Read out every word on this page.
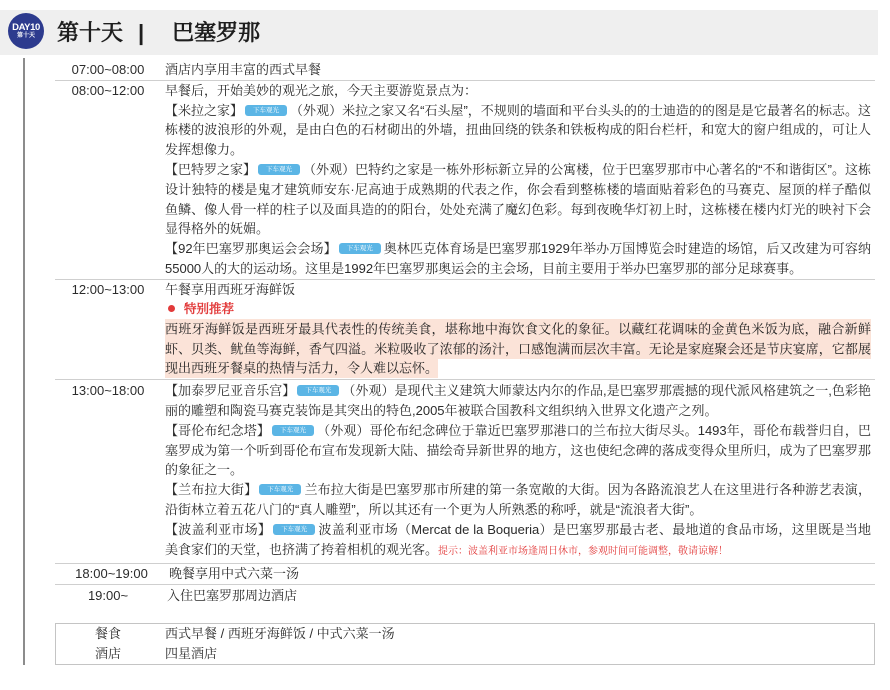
DAY10
第十天	第十天 | 巴塞罗那
07:00~08:00	酒店内享用丰富的西式早餐
08:00~12:00	早餐后，开始美妙的观光之旅，今天主要游览景点为：
【米拉之家】 下车观光 （外观）米拉之家又名“石头屋”，不规则的墙面和平台头头的的士迪造的的图是是它最著名的标志。这栋楼的波浪形的外观，是由白色的石材砌出的外墙，扭曲回绕的铁条和铁板构成的阳台栏杆，和宽大的窗户组成的，可让人发挥想像力。
【巴特罗之家】 下车观光 （外观）巴特约之家是一栋外形标新立异的公寓楼，位于巴塞罗那市中心著名的“不和谐街区”。这栋设计独特的楼是鬼才建筑师安东·尼高迪于成熟期的代表之作，你会看到整栋楼的墙面贴着彩色的马赛克、屋顶的样子酷似鱼鳞、像人骨一样的柱子以及面具造的的阳台，处处充满了魔幻色彩。每到夜晚华灯初上时，这栋楼在楼内灯光的映衬下会显得格外的妩媚。
【92年巴塞罗那奥运会会场】 下车观光 奥林匹克体育场是巴塞罗那1929年举办万国博览会时建造的场馆，后又改建为可容纳55000人的大的运动场。这里是1992年巴塞罗那奥运会的主会场，目前主要用于举办巴塞罗那的部分足球赛事。
12:00~13:00	午餐享用西班牙海鲜饭
特别推荐
西班牙海鲜饭是西班牙最具代表性的传统美食，堪称地中海饮食文化的象征。以藏红花调味的金黄色米饭为底，融合新鲜虾、贝类、鱿鱼等海鲜，香气四溢。米粒吸收了浓郁的汤汁，口感饱满而层次丰富。无论是家庭聚会还是节庆宴席，它都展现出西班牙餐桌的热情与活力，令人难以忘怀。
13:00~18:00	【加泰罗尼亚音乐宫】 下车观光 （外观）是现代主义建筑大师蒙达内尔的作品,是巴塞罗那震撼的现代派风格建筑之一,色彩艳丽的雕塑和陶瓷马赛克装饰是其突出的特色,2005年被联合国教科文组织纳入世界文化遗产之列。
【哥伦布纪念塔】 下车观光 （外观）哥伦布纪念碑位于靠近巴塞罗那港口的兰布拉大街尽头。1493年，哥伦布载誉归自，巴塞罗成为第一个听到哥伦布宣布发现新大陆、描绘奇异新世界的地方，这也使纪念碑的落成变得众里所归，成为了巴塞罗那的象征之一。
【兰布拉大街】 下车观光 兰布拉大街是巴塞罗那市所建的第一条宽敞的大街。因为各路流浪艺人在这里进行各种游艺表演，沿街林立着五花八门的“真人雕塑”，所以其还有一个更为人所熟悉的称呼，就是“流浪者大街”。
【波盖利亚市场】 下车观光 波盖利亚市场（Mercat de la Boqueria）是巴塞罗那最古老、最地道的食品市场，这里既是当地美食家们的天堂，也挤满了挎着相机的观光客。提示：波盖利亚市场逢周日休市，参观时间可能调整，敬请谅解！
18:00~19:00	晚餐享用中式六菜一汤
19:00~	入住巴塞罗那周边酒店
餐食	西式早餐 / 西班牙海鲜饭 / 中式六菜一汤
酒店	四星酒店
